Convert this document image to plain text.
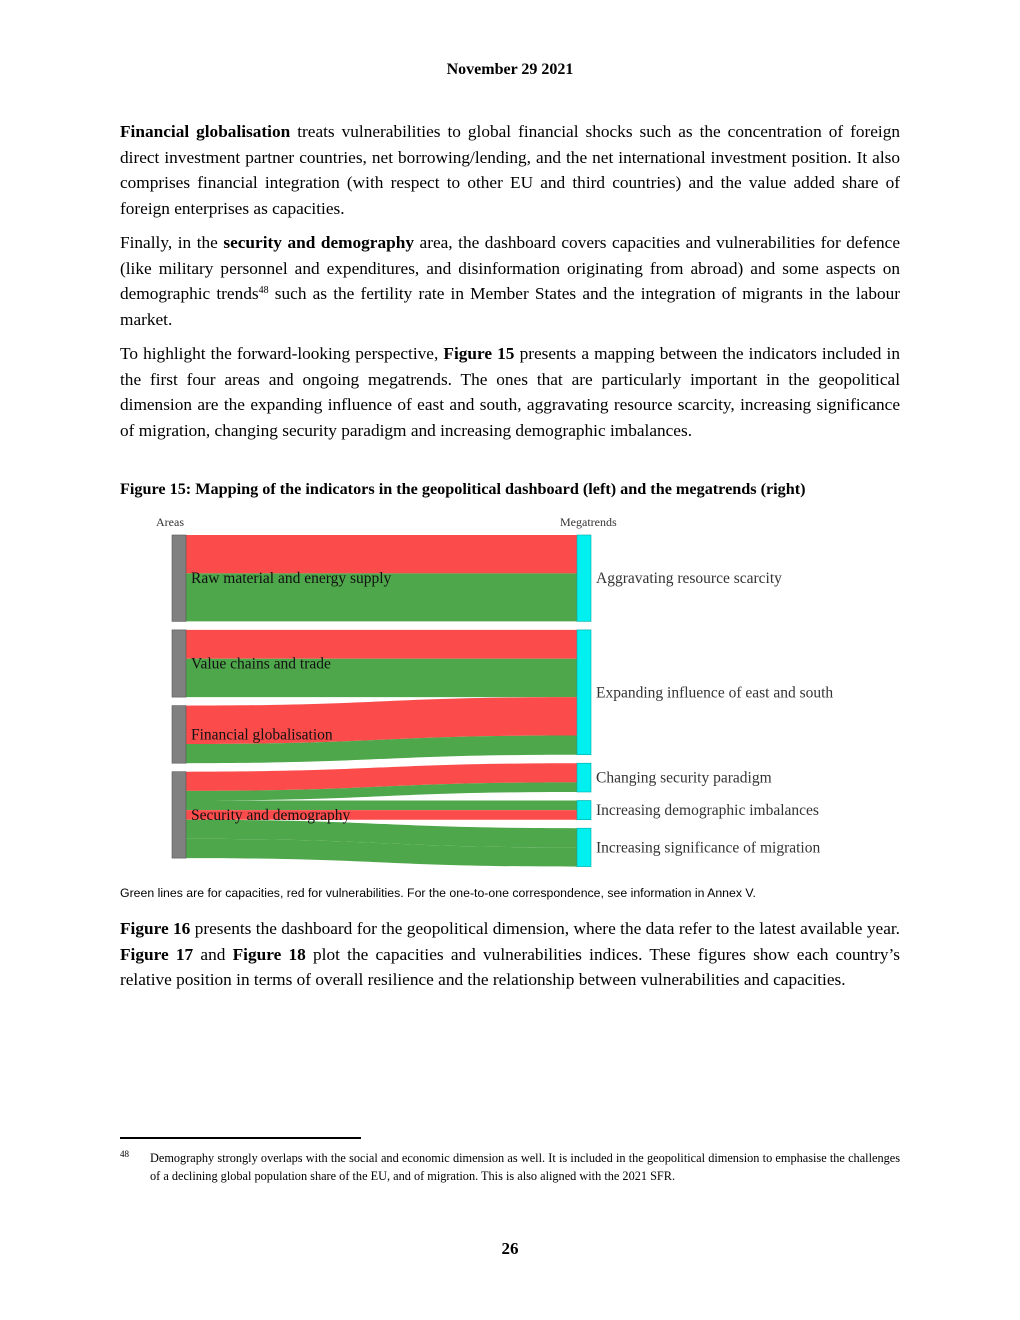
November 29 2021

Financial globalisation treats vulnerabilities to global financial shocks such as the concentration of foreign direct investment partner countries, net borrowing/lending, and the net international investment position. It also comprises financial integration (with respect to other EU and third countries) and the value added share of foreign enterprises as capacities.

Finally, in the security and demography area, the dashboard covers capacities and vulnerabilities for defence (like military personnel and expenditures, and disinformation originating from abroad) and some aspects on demographic trends$^{48}$ such as the fertility rate in Member States and the integration of migrants in the labour market.

To highlight the forward-looking perspective, Figure 15 presents a mapping between the indicators included in the first four areas and ongoing megatrends. The ones that are particularly important in the geopolitical dimension are the expanding influence of east and south, aggravating resource scarcity, increasing significance of migration, changing security paradigm and increasing demographic imbalances.

Figure 15: Mapping of the indicators in the geopolitical dashboard (left) and the megatrends (right)

Areas	Megatrends
Raw material and energy supply
Value chains and trade
Financial globalisation
Security and demography
Aggravating resource scarcity
Expanding influence of east and south
Changing security paradigm
Increasing demographic imbalances
Increasing significance of migration

Green lines are for capacities, red for vulnerabilities. For the one-to-one correspondence, see information in Annex V.

Figure 16 presents the dashboard for the geopolitical dimension, where the data refer to the latest available year. Figure 17 and Figure 18 plot the capacities and vulnerabilities indices. These figures show each country’s relative position in terms of overall resilience and the relationship between vulnerabilities and capacities.

48 Demography strongly overlaps with the social and economic dimension as well. It is included in the geopolitical dimension to emphasise the challenges of a declining global population share of the EU, and of migration. This is also aligned with the 2021 SFR.
26
